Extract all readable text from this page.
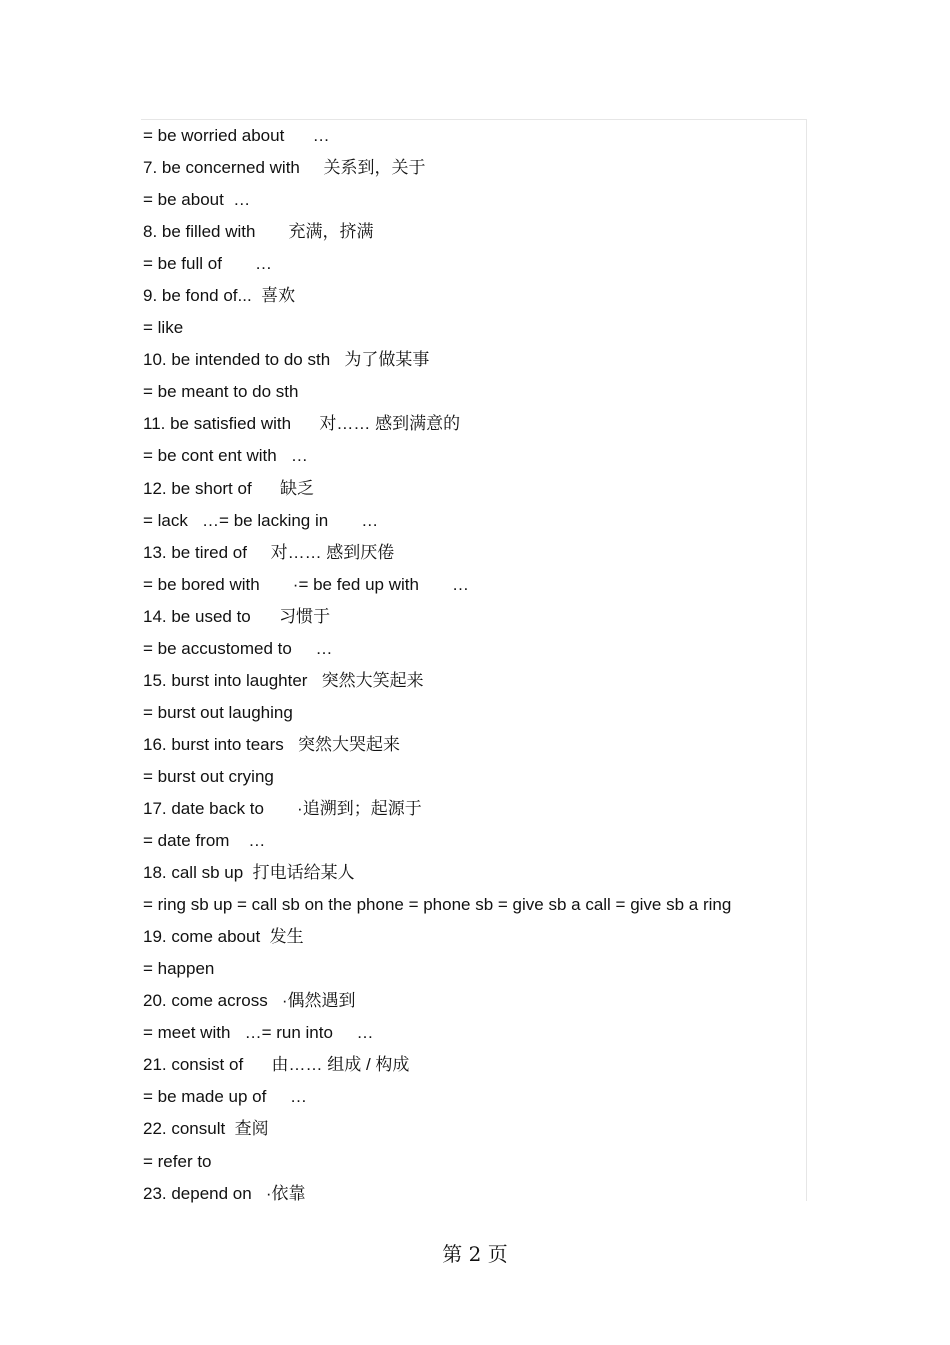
= be worried about      …
7. be concerned with     关系到，关于
= be about  …
8. be filled with       充满，挤满
= be full of       …
9. be fond of...  喜欢
= like
10. be intended to do sth   为了做某事
= be meant to do sth
11. be satisfied with      对…… 感到满意的
= be cont ent with   …
12. be short of      缺乏
= lack   …= be lacking in       …
13. be tired of     对…… 感到厌倦
= be bored with       ·= be fed up with       …
14. be used to      习惯于
= be accustomed to     …
15. burst into laughter   突然大笑起来
= burst out laughing
16. burst into tears   突然大哭起来
= burst out crying
17. date back to       ·追溯到；起源于
= date from    …
18. call sb up  打电话给某人
= ring sb up = call sb on the phone = phone sb = give sb a call = give sb a ring
19. come about  发生
= happen
20. come across   ·偶然遇到
= meet with   …= run into     …
21. consist of      由…… 组成 / 构成
= be made up of     …
22. consult  查阅
= refer to
23. depend on   ·依靠
第 2 页
